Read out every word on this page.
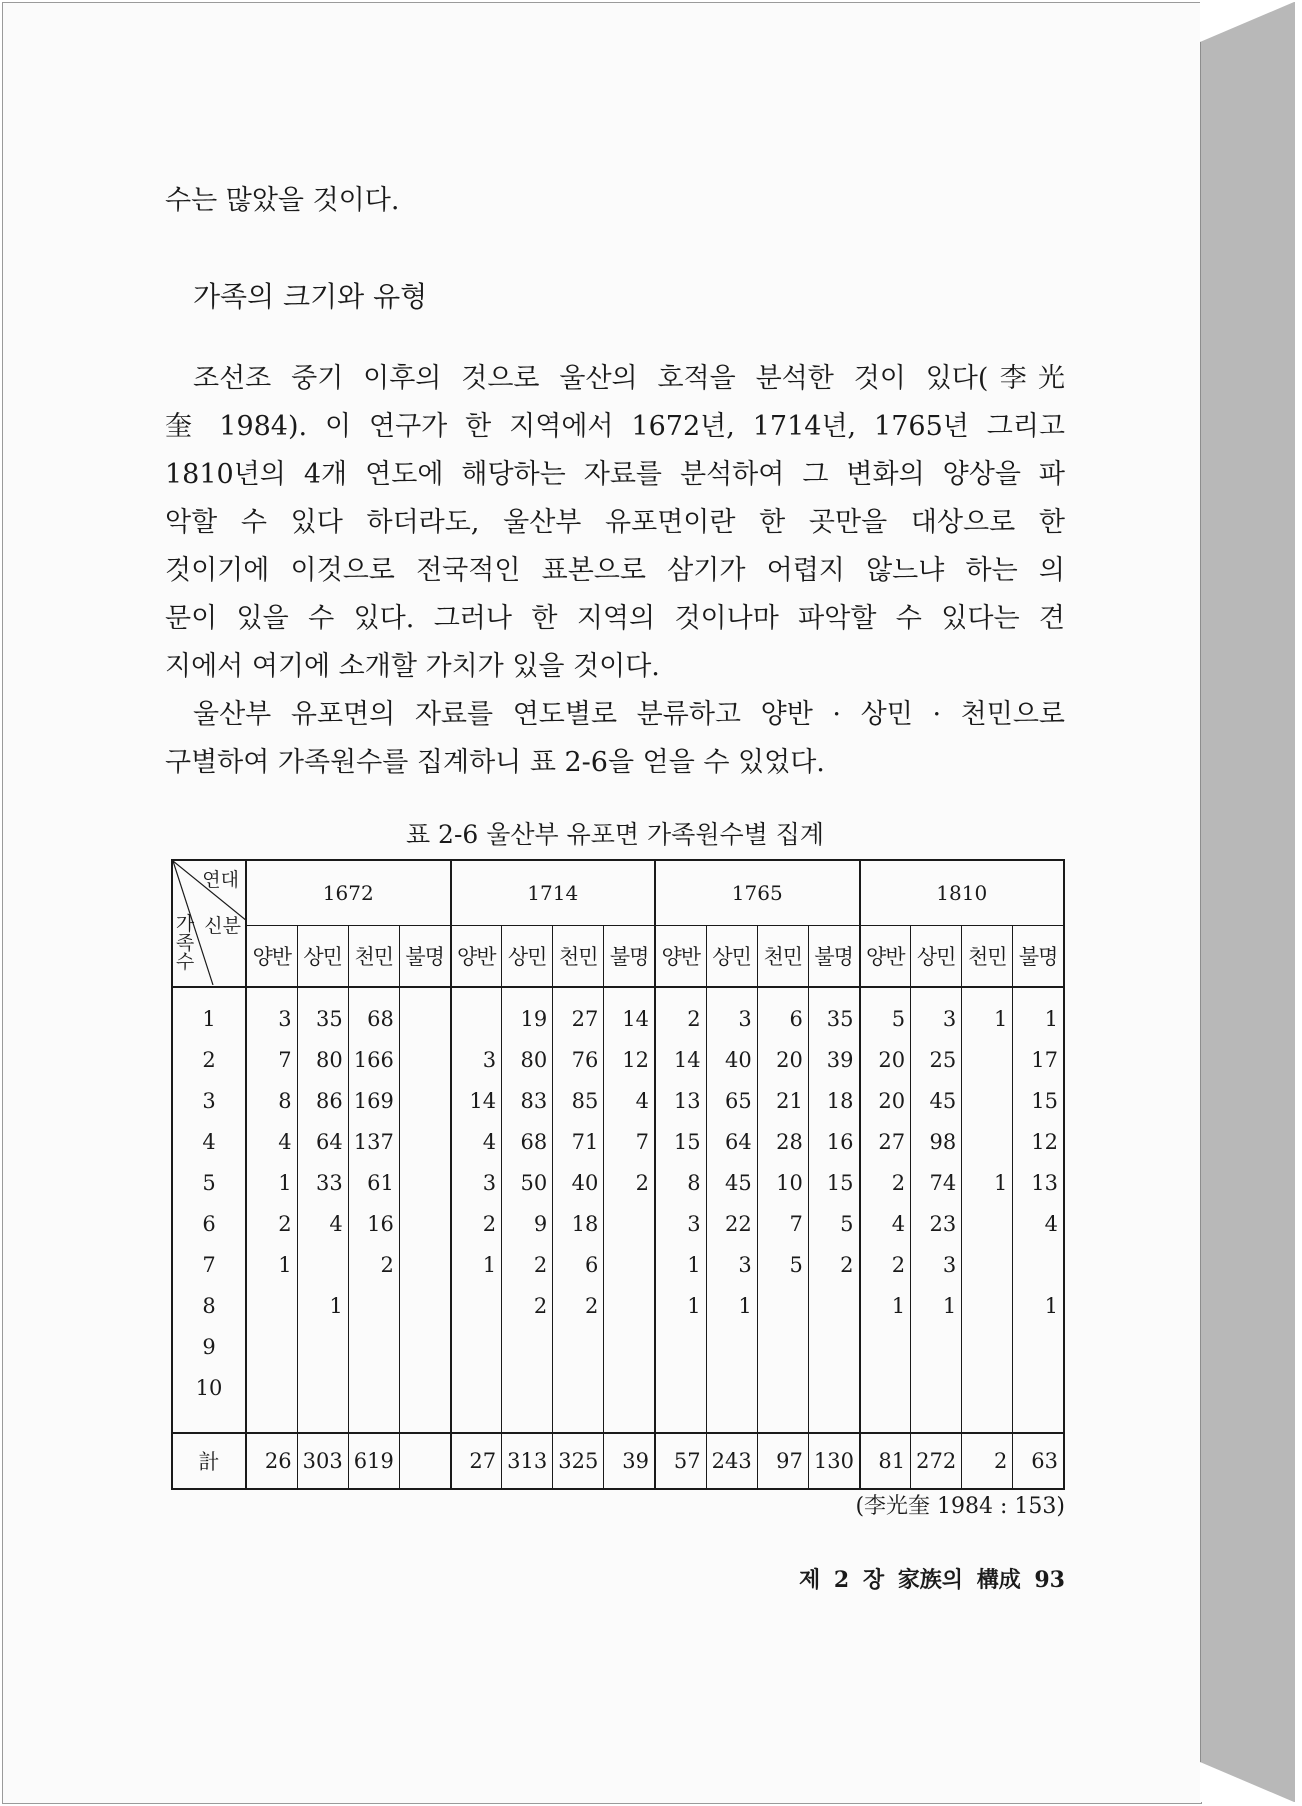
수는 많았을 것이다.
가족의 크기와 유형
조선조 중기 이후의 것으로 울산의 호적을 분석한 것이 있다(李光
奎 1984). 이 연구가 한 지역에서 1672년, 1714년, 1765년 그리고
1810년의 4개 연도에 해당하는 자료를 분석하여 그 변화의 양상을 파
악할 수 있다 하더라도, 울산부 유포면이란 한 곳만을 대상으로 한
것이기에 이것으로 전국적인 표본으로 삼기가 어렵지 않느냐 하는 의
문이 있을 수 있다. 그러나 한 지역의 것이나마 파악할 수 있다는 견
지에서 여기에 소개할 가치가 있을 것이다.
울산부 유포면의 자료를 연도별로 분류하고 양반 · 상민 · 천민으로
구별하여 가족원수를 집계하니 표 2-6을 얻을 수 있었다.
표 2-6 울산부 유포면 가족원수별 집계
연대
신분
가
족
수	1672				1714				1765				1810			
	양반	상민	천민	불명	양반	상민	천민	불명	양반	상민	천민	불명	양반	상민	천민	불명
1	3	35	68			19	27	14	2	3	6	35	5	3	1	1
2	7	80	166		3	80	76	12	14	40	20	39	20	25		17
3	8	86	169		14	83	85	4	13	65	21	18	20	45		15
4	4	64	137		4	68	71	7	15	64	28	16	27	98		12
5	1	33	61		3	50	40	2	8	45	10	15	2	74	1	13
6	2	4	16		2	9	18		3	22	7	5	4	23		4
7	1		2		1	2	6		1	3	5	2	2	3		
8		1				2	2		1	1			1	1		1
9																
10																

計	26	303	619		27	313	325	39	57	243	97	130	81	272	2	63
(李光奎 1984 : 153)
제 2 장 家族의 構成 93
